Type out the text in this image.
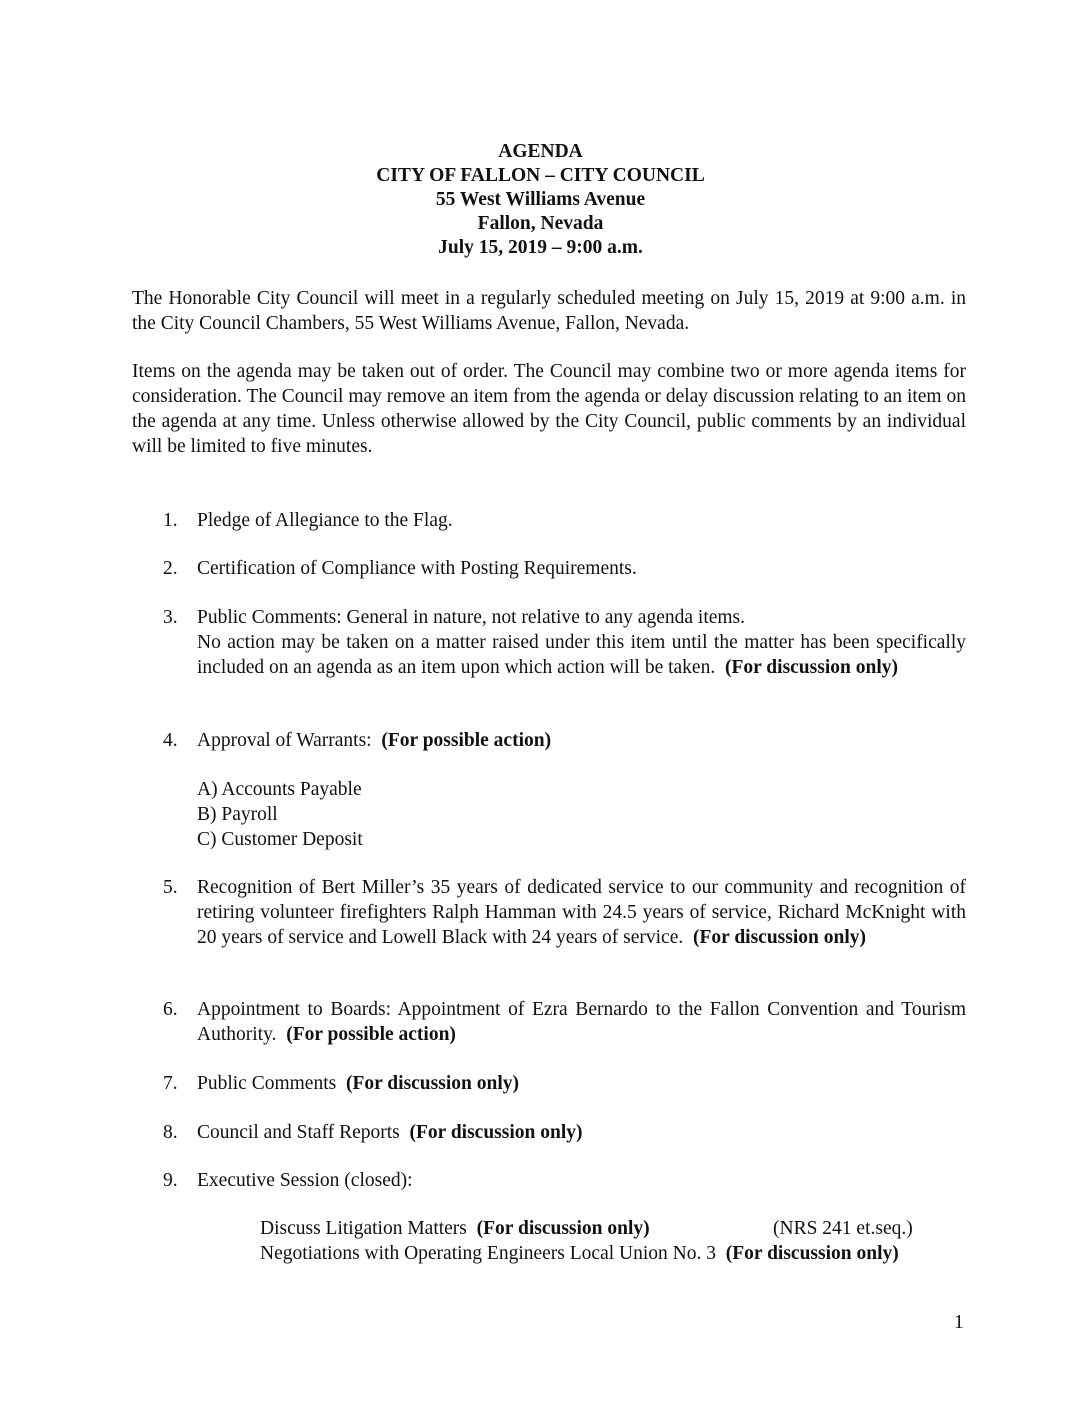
AGENDA
CITY OF FALLON – CITY COUNCIL
55 West Williams Avenue
Fallon, Nevada
July 15, 2019 – 9:00 a.m.
The Honorable City Council will meet in a regularly scheduled meeting on July 15, 2019 at 9:00 a.m. in the City Council Chambers, 55 West Williams Avenue, Fallon, Nevada.
Items on the agenda may be taken out of order. The Council may combine two or more agenda items for consideration. The Council may remove an item from the agenda or delay discussion relating to an item on the agenda at any time. Unless otherwise allowed by the City Council, public comments by an individual will be limited to five minutes.
1. Pledge of Allegiance to the Flag.
2. Certification of Compliance with Posting Requirements.
3. Public Comments: General in nature, not relative to any agenda items.
No action may be taken on a matter raised under this item until the matter has been specifically included on an agenda as an item upon which action will be taken. (For discussion only)
4. Approval of Warrants: (For possible action)
A) Accounts Payable
B) Payroll
C) Customer Deposit
5. Recognition of Bert Miller’s 35 years of dedicated service to our community and recognition of retiring volunteer firefighters Ralph Hamman with 24.5 years of service, Richard McKnight with 20 years of service and Lowell Black with 24 years of service. (For discussion only)
6. Appointment to Boards: Appointment of Ezra Bernardo to the Fallon Convention and Tourism Authority. (For possible action)
7. Public Comments (For discussion only)
8. Council and Staff Reports (For discussion only)
9. Executive Session (closed):
Discuss Litigation Matters (For discussion only)	(NRS 241 et.seq.)
Negotiations with Operating Engineers Local Union No. 3 (For discussion only)
1
